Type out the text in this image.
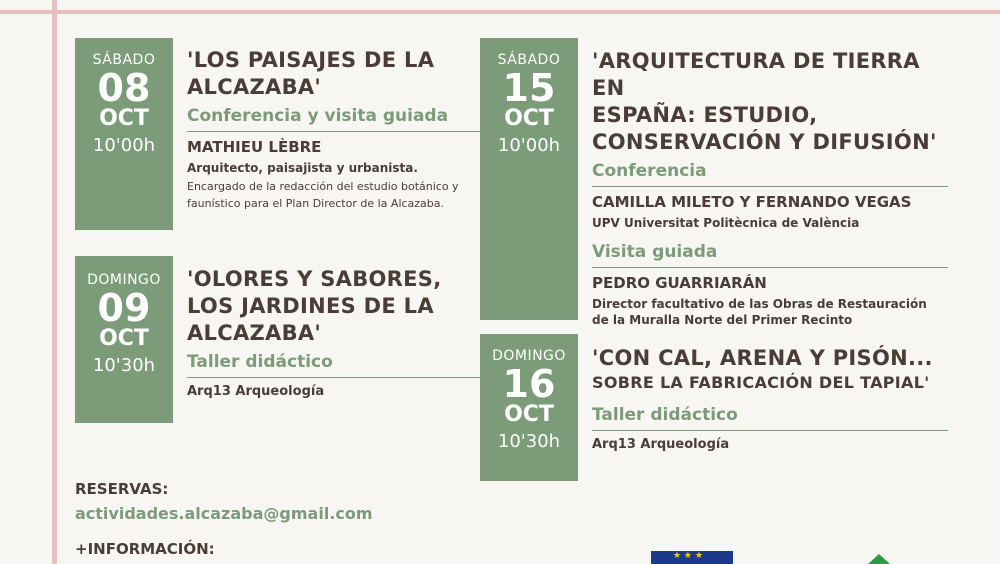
SÁBADO
08
OCT
10'00h
'LOS PAISAJES DE LA
ALCAZABA'
Conferencia y visita guiada
MATHIEU LÈBRE
Arquitecto, paisajista y urbanista.
Encargado de la redacción del estudio botánico y
faunístico para el Plan Director de la Alcazaba.
DOMINGO
09
OCT
10'30h
'OLORES Y SABORES,
LOS JARDINES DE LA
ALCAZABA'
Taller didáctico
Arq13 Arqueología
SÁBADO
15
OCT
10'00h
'ARQUITECTURA DE TIERRA EN
ESPAÑA: ESTUDIO,
CONSERVACIÓN Y DIFUSIÓN'
Conferencia
CAMILLA MILETO Y FERNANDO VEGAS
UPV Universitat Politècnica de València
Visita guiada
PEDRO GUARRIARÁN
Director facultativo de las Obras de Restauración
de la Muralla Norte del Primer Recinto
DOMINGO
16
OCT
10'30h
'CON CAL, ARENA Y PISÓN...
SOBRE LA FABRICACIÓN DEL TAPIAL'
Taller didáctico
Arq13 Arqueología
RESERVAS:
actividades.alcazaba@gmail.com
+INFORMACIÓN:	★ ★ ★
